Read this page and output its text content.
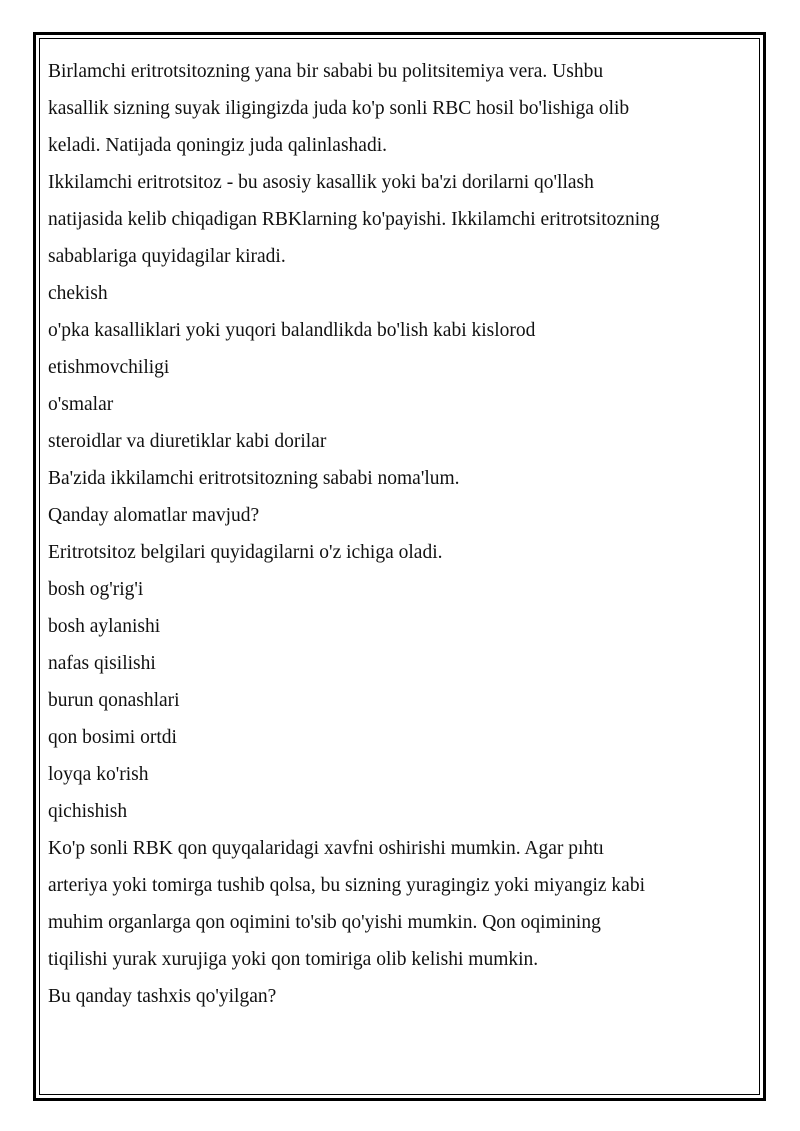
Birlamchi eritrotsitozning yana bir sababi bu politsitemiya vera. Ushbu
kasallik sizning suyak iligingizda juda ko'p sonli RBC hosil bo'lishiga olib
keladi. Natijada qoningiz juda qalinlashadi.
Ikkilamchi eritrotsitoz - bu asosiy kasallik yoki ba'zi dorilarni qo'llash
natijasida kelib chiqadigan RBKlarning ko'payishi. Ikkilamchi eritrotsitozning
sabablariga quyidagilar kiradi.
chekish
o'pka kasalliklari yoki yuqori balandlikda bo'lish kabi kislorod
etishmovchiligi
o'smalar
steroidlar va diuretiklar kabi dorilar
Ba'zida ikkilamchi eritrotsitozning sababi noma'lum.
Qanday alomatlar mavjud?
Eritrotsitoz belgilari quyidagilarni o'z ichiga oladi.
bosh og'rig'i
bosh aylanishi
nafas qisilishi
burun qonashlari
qon bosimi ortdi
loyqa ko'rish
qichishish
Ko'p sonli RBK qon quyqalaridagi xavfni oshirishi mumkin. Agar pıhtı
arteriya yoki tomirga tushib qolsa, bu sizning yuragingiz yoki miyangiz kabi
muhim organlarga qon oqimini to'sib qo'yishi mumkin. Qon oqimining
tiqilishi yurak xurujiga yoki qon tomiriga olib kelishi mumkin.
Bu qanday tashxis qo'yilgan?
